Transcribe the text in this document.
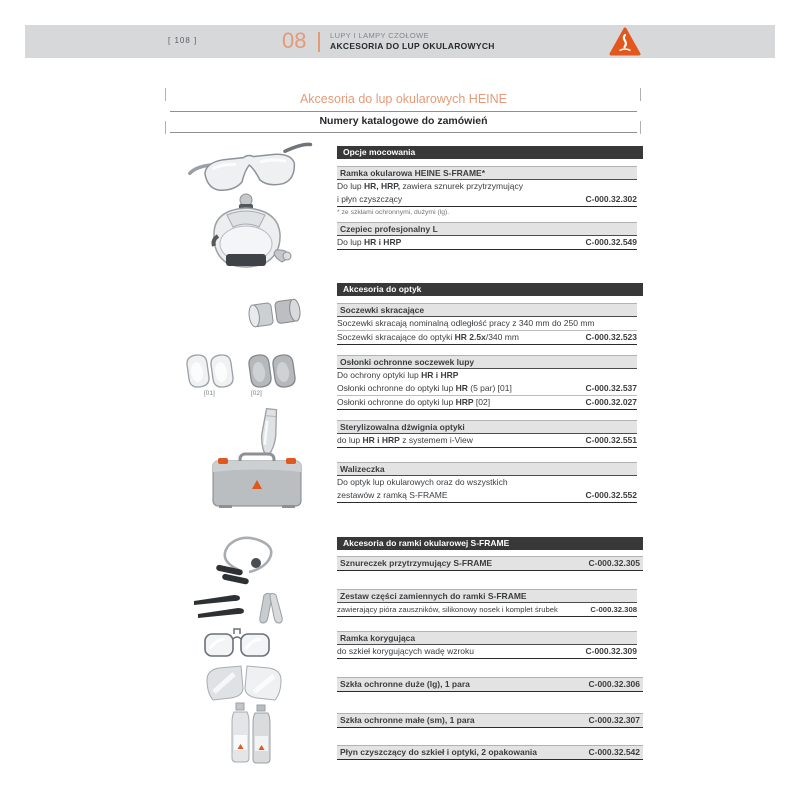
[ 108 ]	08	LUPY I LAMPY CZOŁOWE
AKCESORIA DO LUP OKULAROWYCH
Akcesoria do lup okularowych HEINE
Numery katalogowe do zamówień
Opcje mocowania
Ramka okularowa HEINE S-FRAME*
Do lup HR, HRP, zawiera sznurek przytrzymujący
i płyn czyszczący	C-000.32.302
* ze szkłami ochronnymi, dużymi (lg).
Czepiec profesjonalny L
Do lup HR i HRP	C-000.32.549
Akcesoria do optyk
Soczewki skracające
Soczewki skracają nominalną odległość pracy z 340 mm do 250 mm
Soczewki skracające do optyki HR 2.5x/340 mm	C-000.32.523
Osłonki ochronne soczewek lupy
Do ochrony optyki lup HR i HRP
Osłonki ochronne do optyki lup HR (5 par) [01]	C-000.32.537
Osłonki ochronne do optyki lup HRP [02]	C-000.32.027
Sterylizowalna dźwignia optyki
do lup HR i HRP z systemem i-View	C-000.32.551
Walizeczka
Do optyk lup okularowych oraz do wszystkich
zestawów z ramką S-FRAME	C-000.32.552
Akcesoria do ramki okularowej S-FRAME
Sznureczek przytrzymujący S-FRAME	C-000.32.305
Zestaw części zamiennych do ramki S-FRAME
zawierający pióra zauszników, silikonowy nosek i komplet śrubek	C-000.32.308
Ramka korygująca
do szkieł korygujących wadę wzroku	C-000.32.309
Szkła ochronne duże (lg), 1 para	C-000.32.306
Szkła ochronne małe (sm), 1 para	C-000.32.307
Płyn czyszczący do szkieł i optyki, 2 opakowania	C-000.32.542
[01]	[02]
